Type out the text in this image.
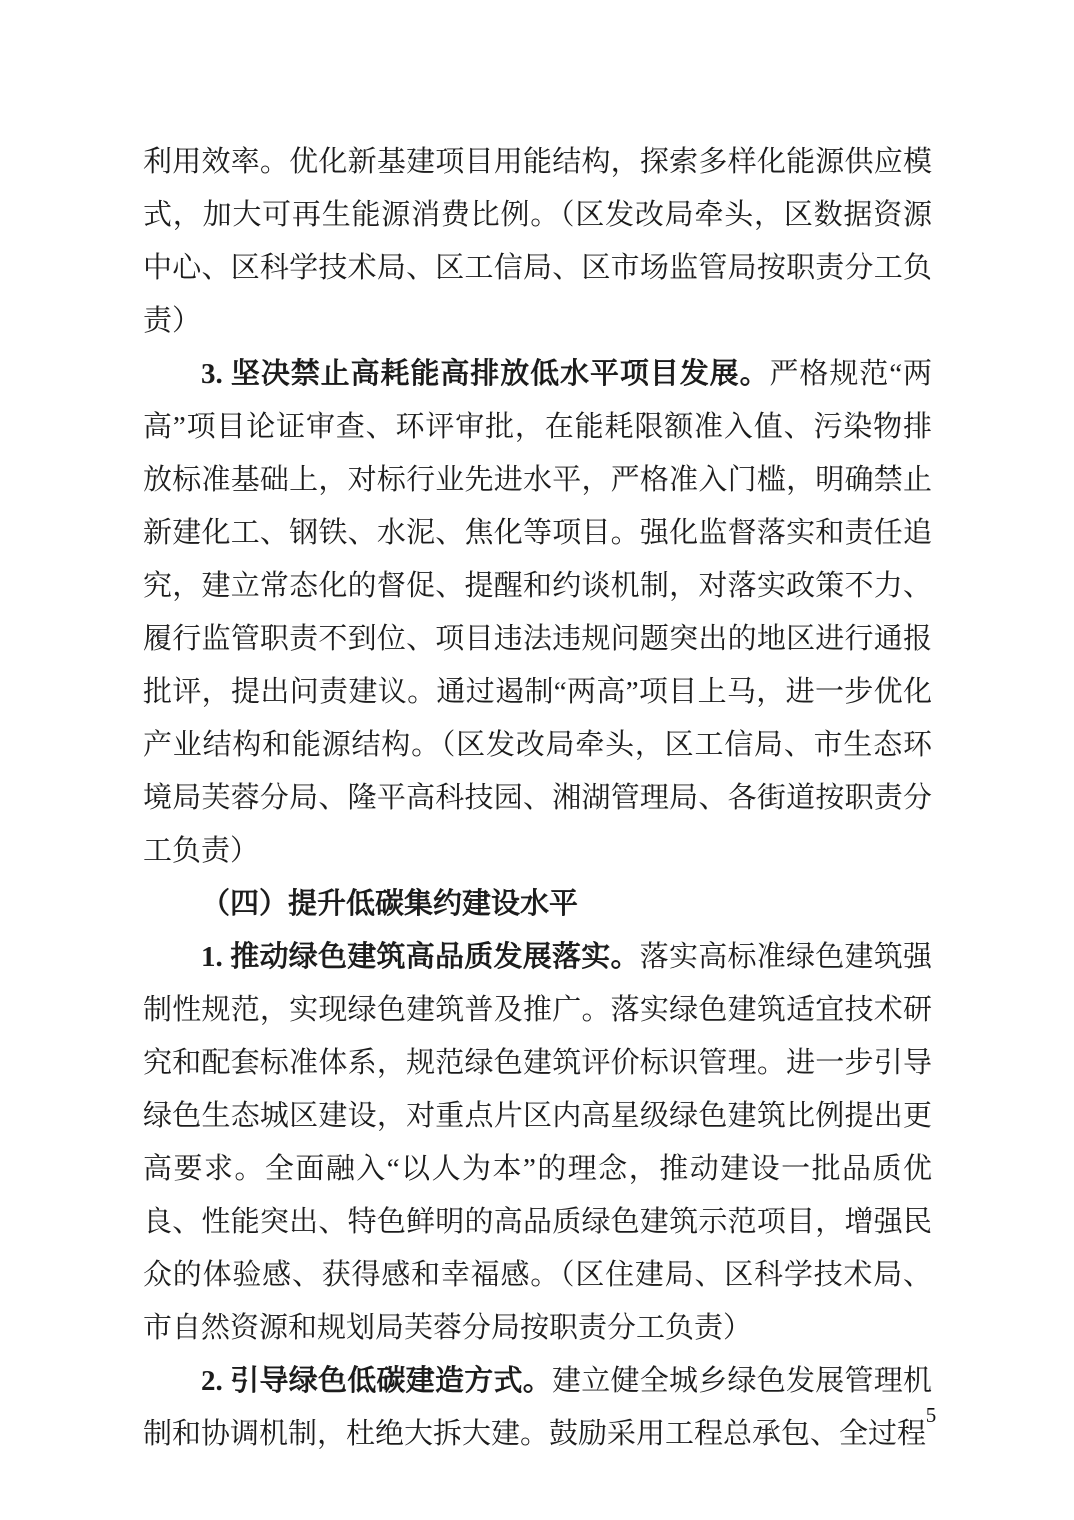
利用效率。优化新基建项目用能结构，探索多样化能源供应模式，加大可再生能源消费比例。（区发改局牵头，区数据资源中心、区科学技术局、区工信局、区市场监管局按职责分工负责）

3. 坚决禁止高耗能高排放低水平项目发展。严格规范“两高”项目论证审查、环评审批，在能耗限额准入值、污染物排放标准基础上，对标行业先进水平，严格准入门槛，明确禁止新建化工、钢铁、水泥、焦化等项目。强化监督落实和责任追究，建立常态化的督促、提醒和约谈机制，对落实政策不力、履行监管职责不到位、项目违法违规问题突出的地区进行通报批评，提出问责建议。通过遏制“两高”项目上马，进一步优化产业结构和能源结构。（区发改局牵头，区工信局、市生态环境局芙蓉分局、隆平高科技园、湘湖管理局、各街道按职责分工负责）

（四）提升低碳集约建设水平

1. 推动绿色建筑高品质发展落实。落实高标准绿色建筑强制性规范，实现绿色建筑普及推广。落实绿色建筑适宜技术研究和配套标准体系，规范绿色建筑评价标识管理。进一步引导绿色生态城区建设，对重点片区内高星级绿色建筑比例提出更高要求。全面融入“以人为本”的理念，推动建设一批品质优良、性能突出、特色鲜明的高品质绿色建筑示范项目，增强民众的体验感、获得感和幸福感。（区住建局、区科学技术局、市自然资源和规划局芙蓉分局按职责分工负责）

2. 引导绿色低碳建造方式。建立健全城乡绿色发展管理机制和协调机制，杜绝大拆大建。鼓励采用工程总承包、全过程

5
